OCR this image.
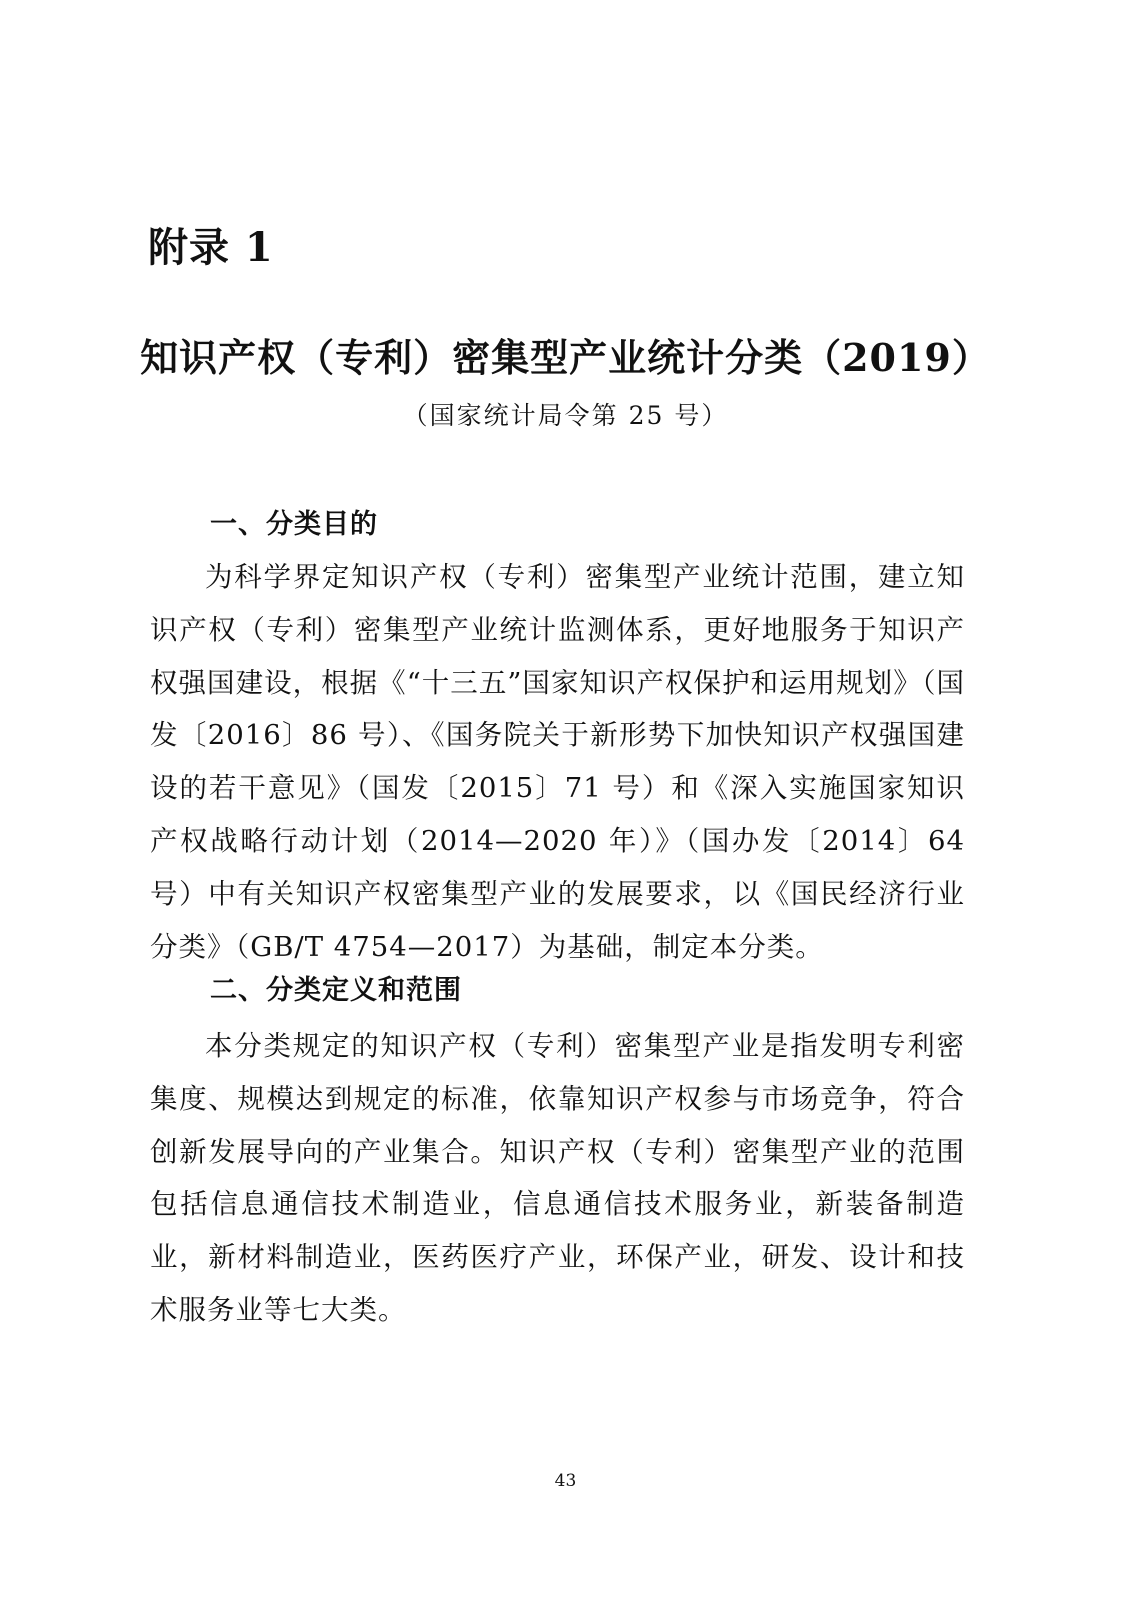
附录 1
知识产权（专利）密集型产业统计分类（2019）

（国家统计局令第 25 号）

一、分类目的

为科学界定知识产权（专利）密集型产业统计范围，建立知识产权（专利）密集型产业统计监测体系，更好地服务于知识产权强国建设，根据《“十三五”国家知识产权保护和运用规划》（国发〔2016〕86 号）、《国务院关于新形势下加快知识产权强国建设的若干意见》（国发〔2015〕71 号）和《深入实施国家知识产权战略行动计划（2014—2020 年）》（国办发〔2014〕64 号）中有关知识产权密集型产业的发展要求，以《国民经济行业分类》（GB/T 4754—2017）为基础，制定本分类。

二、分类定义和范围

本分类规定的知识产权（专利）密集型产业是指发明专利密集度、规模达到规定的标准，依靠知识产权参与市场竞争，符合创新发展导向的产业集合。知识产权（专利）密集型产业的范围包括信息通信技术制造业，信息通信技术服务业，新装备制造业，新材料制造业，医药医疗产业，环保产业，研发、设计和技术服务业等七大类。

43
